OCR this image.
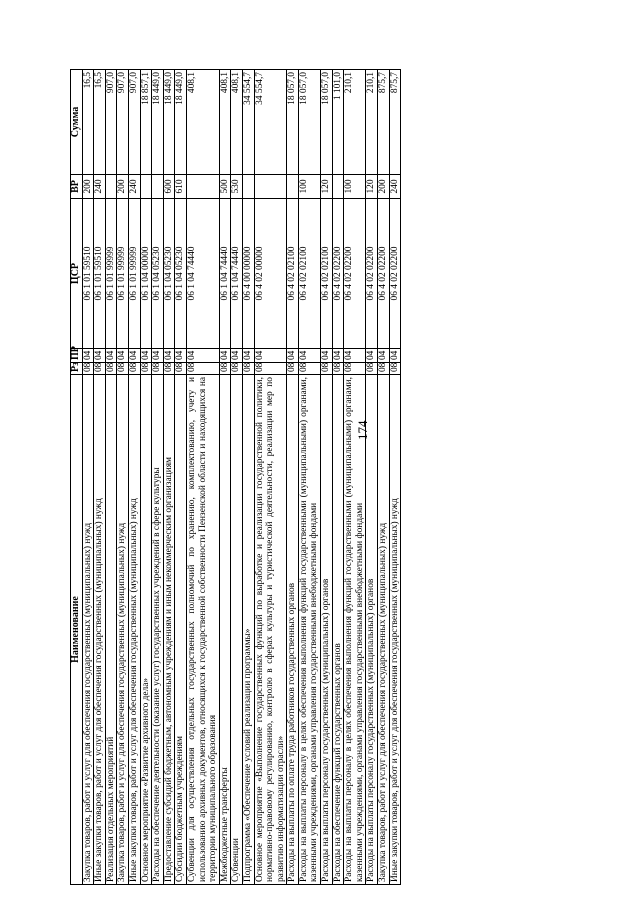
174
Наименование	Рз	ПР	ЦСР	ВР	Сумма
Закупка товаров, работ и услуг для обеспечения государственных (муниципальных) нужд	08	04	06 1 01 59510	200	16,5
Иные закупки товаров, работ и услуг для обеспечения государственных (муниципальных) нужд	08	04	06 1 01 59510	240	16,5
Реализация отдельных мероприятий	08	04	06 1 01 99999		907,0
Закупка товаров, работ и услуг для обеспечения государственных (муниципальных) нужд	08	04	06 1 01 99999	200	907,0
Иные закупки товаров, работ и услуг для обеспечения государственных (муниципальных) нужд	08	04	06 1 01 99999	240	907,0
Основное мероприятие «Развитие архивного дела»	08	04	06 1 04 00000		18 857,1
Расходы на обеспечение деятельности (оказание услуг) государственных учреждений в сфере культуры	08	04	06 1 04 05230		18 449,0
Предоставление субсидий бюджетным, автономным учреждениям и иным некоммерческим организациям	08	04	06 1 04 05230	600	18 449,0
Субсидии бюджетным учреждениям	08	04	06 1 04 05230	610	18 449,0
Субвенции для осуществления отдельных государственных полномочий по хранению, комплектованию, учету и использованию архивных документов, относящихся к государственной собственности Пензенской области и находящихся на территории муниципального образования	08	04	06 1 04 74440		408,1
Межбюджетные трансферты	08	04	06 1 04 74440	500	408,1
Субвенции	08	04	06 1 04 74440	530	408,1
Подпрограмма «Обеспечение условий реализации программы»	08	04	06 4 00 00000		34 554,7
Основное мероприятие «Выполнение государственных функций по выработке и реализации государственной политики, нормативно-правовому регулированию, контролю в сферах культуры и туристической деятельности, реализации мер по развитию информатизации отрасли»	08	04	06 4 02 00000		34 554,7
Расходы на выплаты по оплате труда работников государственных органов	08	04	06 4 02 02100		18 057,0
Расходы на выплаты персоналу в целях обеспечения выполнения функций государственными (муниципальными) органами, казенными учреждениями, органами управления государственными внебюджетными фондами	08	04	06 4 02 02100	100	18 057,0
Расходы на выплаты персоналу государственных (муниципальных) органов	08	04	06 4 02 02100	120	18 057,0
Расходы на обеспечение функций государственных органов	08	04	06 4 02 02200		1 101,0
Расходы на выплаты персоналу в целях обеспечения выполнения функций государственными (муниципальными) органами, казенными учреждениями, органами управления государственными внебюджетными фондами	08	04	06 4 02 02200	100	210,1
Расходы на выплаты персоналу государственных (муниципальных) органов	08	04	06 4 02 02200	120	210,1
Закупка товаров, работ и услуг для обеспечения государственных (муниципальных) нужд	08	04	06 4 02 02200	200	875,7
Иные закупки товаров, работ и услуг для обеспечения государственных (муниципальных) нужд	08	04	06 4 02 02200	240	875,7
